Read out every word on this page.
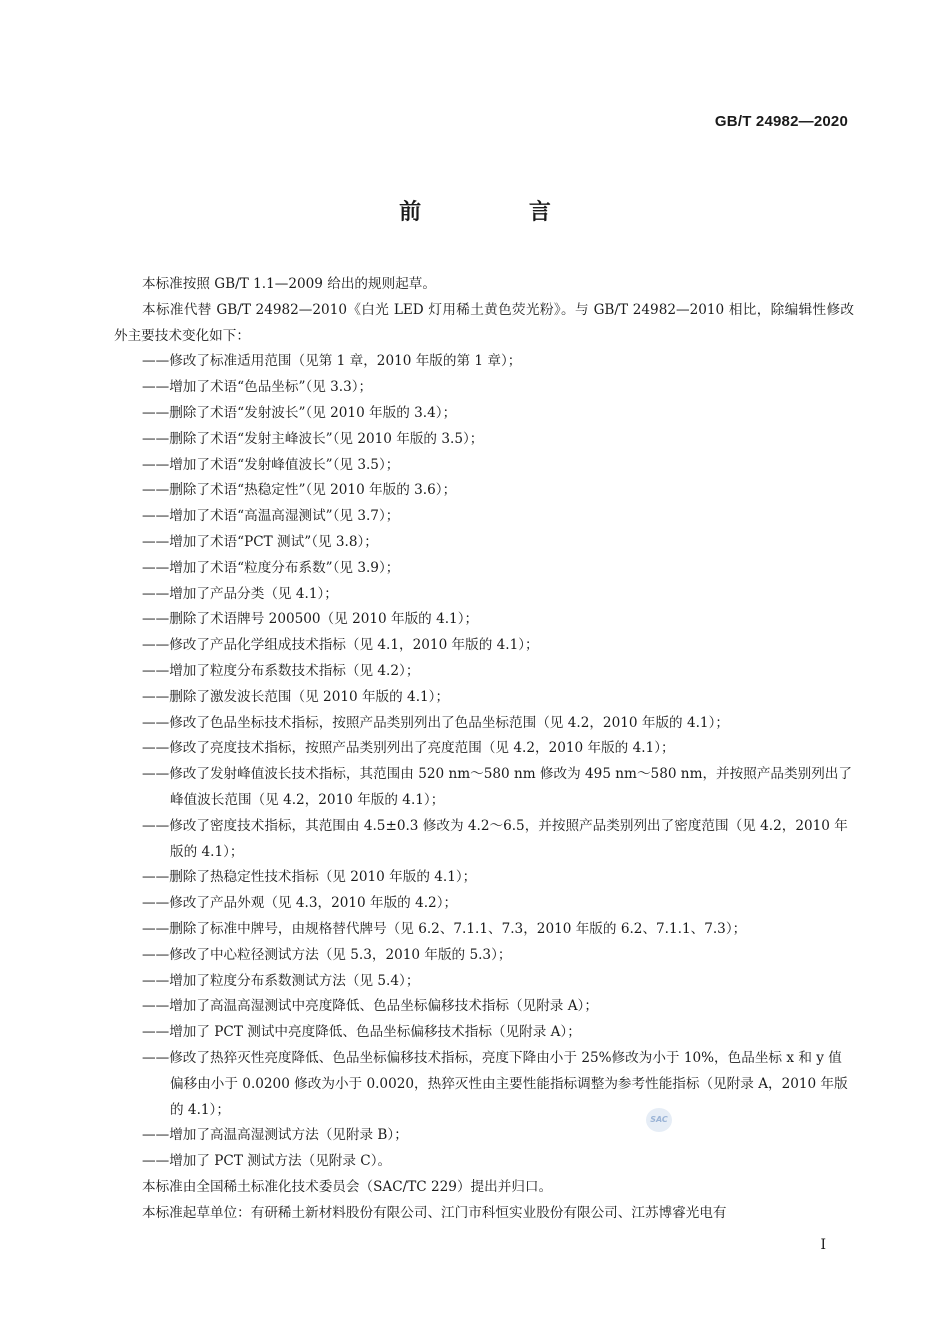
GB/T 24982—2020
前 言

本标准按照 GB/T 1.1—2009 给出的规则起草。

本标准代替 GB/T 24982—2010《白光 LED 灯用稀土黄色荧光粉》。与 GB/T 24982—2010 相比，除编辑性修改外主要技术变化如下：

——修改了标准适用范围（见第 1 章，2010 年版的第 1 章）；

——增加了术语“色品坐标”（见 3.3）；

——删除了术语“发射波长”（见 2010 年版的 3.4）；

——删除了术语“发射主峰波长”（见 2010 年版的 3.5）；

——增加了术语“发射峰值波长”（见 3.5）；

——删除了术语“热稳定性”（见 2010 年版的 3.6）；

——增加了术语“高温高湿测试”（见 3.7）；

——增加了术语“PCT 测试”（见 3.8）；

——增加了术语“粒度分布系数”（见 3.9）；

——增加了产品分类（见 4.1）；

——删除了术语牌号 200500（见 2010 年版的 4.1）；

——修改了产品化学组成技术指标（见 4.1，2010 年版的 4.1）；

——增加了粒度分布系数技术指标（见 4.2）；

——删除了激发波长范围（见 2010 年版的 4.1）；

——修改了色品坐标技术指标，按照产品类别列出了色品坐标范围（见 4.2，2010 年版的 4.1）；

——修改了亮度技术指标，按照产品类别列出了亮度范围（见 4.2，2010 年版的 4.1）；

——修改了发射峰值波长技术指标，其范围由 520 nm～580 nm 修改为 495 nm～580 nm，并按照产品类别列出了峰值波长范围（见 4.2，2010 年版的 4.1）；

——修改了密度技术指标，其范围由 4.5±0.3 修改为 4.2～6.5，并按照产品类别列出了密度范围（见 4.2，2010 年版的 4.1）；

——删除了热稳定性技术指标（见 2010 年版的 4.1）；

——修改了产品外观（见 4.3，2010 年版的 4.2）；

——删除了标准中牌号，由规格替代牌号（见 6.2、7.1.1、7.3，2010 年版的 6.2、7.1.1、7.3）；

——修改了中心粒径测试方法（见 5.3，2010 年版的 5.3）；

——增加了粒度分布系数测试方法（见 5.4）；

——增加了高温高湿测试中亮度降低、色品坐标偏移技术指标（见附录 A）；

——增加了 PCT 测试中亮度降低、色品坐标偏移技术指标（见附录 A）；

——修改了热猝灭性亮度降低、色品坐标偏移技术指标，亮度下降由小于 25%修改为小于 10%，色品坐标 x 和 y 值偏移由小于 0.0200 修改为小于 0.0020，热猝灭性由主要性能指标调整为参考性能指标（见附录 A，2010 年版的 4.1）；

——增加了高温高湿测试方法（见附录 B）；

——增加了 PCT 测试方法（见附录 C）。

本标准由全国稀土标准化技术委员会（SAC/TC 229）提出并归口。

本标准起草单位：有研稀土新材料股份有限公司、江门市科恒实业股份有限公司、江苏博睿光电有

SAC
I
